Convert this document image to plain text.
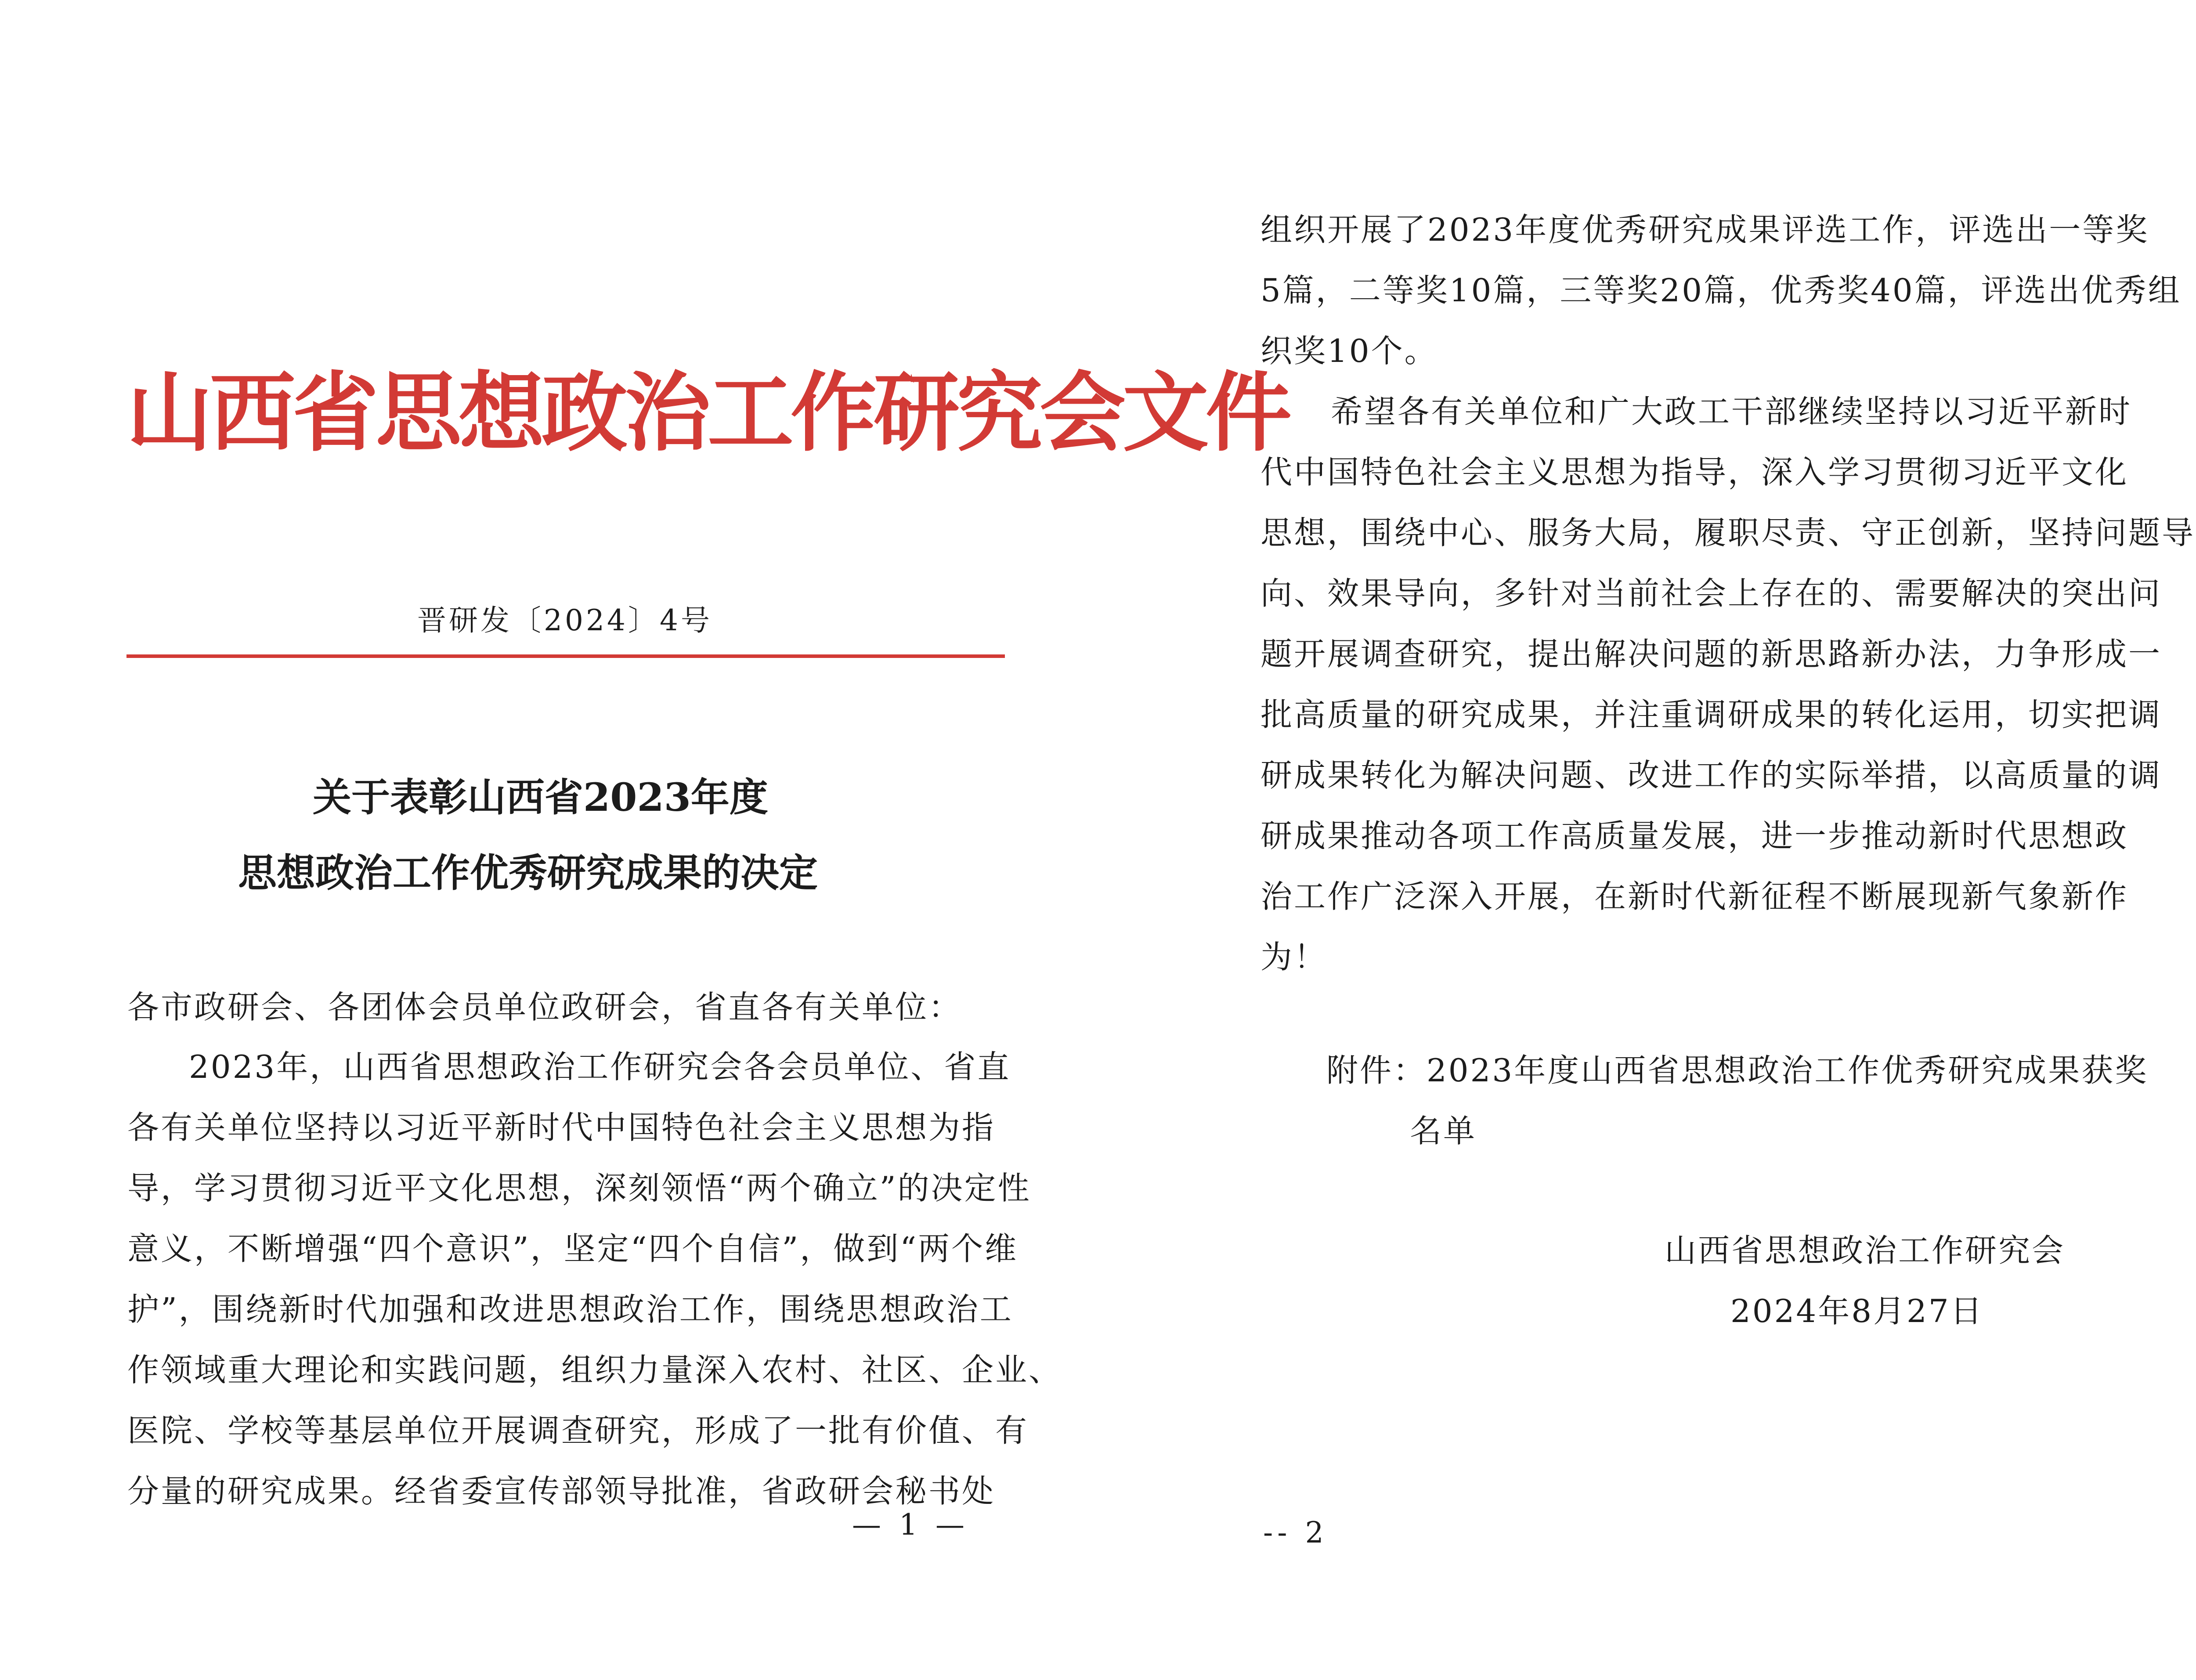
山西省思想政治工作研究会文件
晋研发〔2024〕4号
关于表彰山西省2023年度
思想政治工作优秀研究成果的决定
各市政研会、各团体会员单位政研会，省直各有关单位：
2023年，山西省思想政治工作研究会各会员单位、省直
各有关单位坚持以习近平新时代中国特色社会主义思想为指
导，学习贯彻习近平文化思想，深刻领悟“两个确立”的决定性
意义，不断增强“四个意识”，坚定“四个自信”，做到“两个维
护”，围绕新时代加强和改进思想政治工作，围绕思想政治工
作领域重大理论和实践问题，组织力量深入农村、社区、企业、
医院、学校等基层单位开展调查研究，形成了一批有价值、有
分量的研究成果。经省委宣传部领导批准，省政研会秘书处
— 1 —
组织开展了2023年度优秀研究成果评选工作，评选出一等奖
5篇，二等奖10篇，三等奖20篇，优秀奖40篇，评选出优秀组
织奖10个。
希望各有关单位和广大政工干部继续坚持以习近平新时
代中国特色社会主义思想为指导，深入学习贯彻习近平文化
思想，围绕中心、服务大局，履职尽责、守正创新，坚持问题导
向、效果导向，多针对当前社会上存在的、需要解决的突出问
题开展调查研究，提出解决问题的新思路新办法，力争形成一
批高质量的研究成果，并注重调研成果的转化运用，切实把调
研成果转化为解决问题、改进工作的实际举措，以高质量的调
研成果推动各项工作高质量发展，进一步推动新时代思想政
治工作广泛深入开展，在新时代新征程不断展现新气象新作
为！
附件：2023年度山西省思想政治工作优秀研究成果获奖
名单
山西省思想政治工作研究会
2024年8月27日
-- 2
